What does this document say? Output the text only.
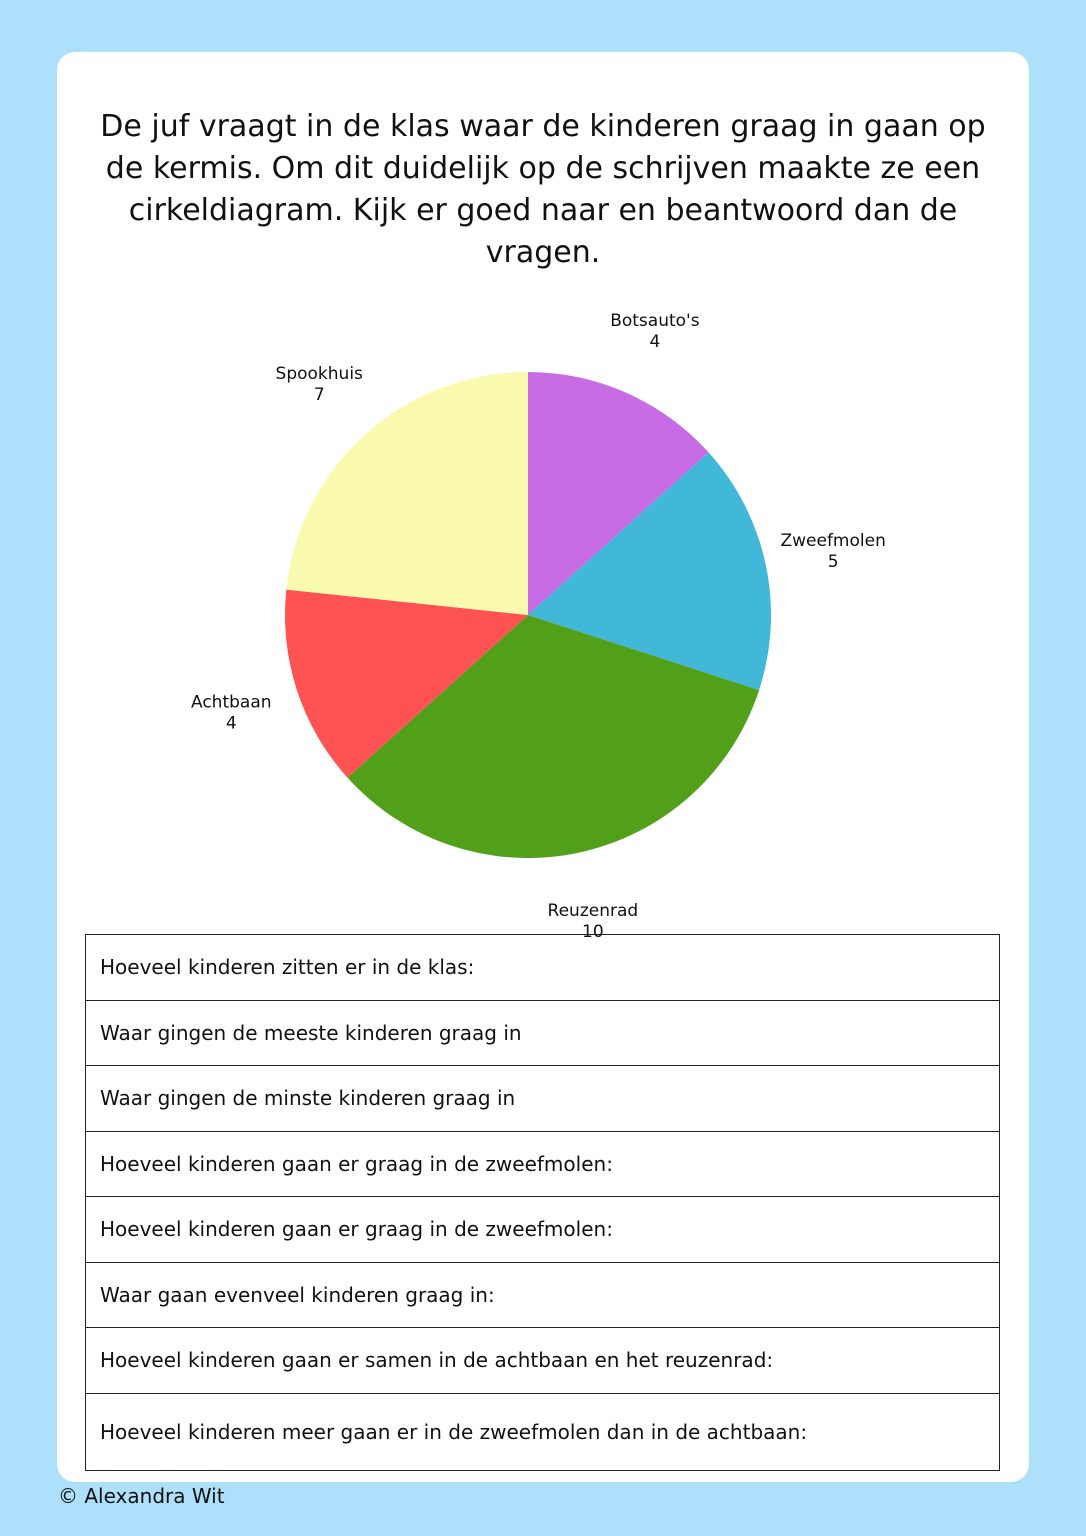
De juf vraagt in de klas waar de kinderen graag in gaan op de kermis. Om dit duidelijk op de schrijven maakte ze een cirkeldiagram. Kijk er goed naar en beantwoord dan de vragen.
Botsauto's 4
Zweefmolen 5
Reuzenrad 10
Achtbaan 4
Spookhuis 7
Hoeveel kinderen zitten er in de klas:
Waar gingen de meeste kinderen graag in
Waar gingen de minste kinderen graag in
Hoeveel kinderen gaan er graag in de zweefmolen:
Hoeveel kinderen gaan er graag in de zweefmolen:
Waar gaan evenveel kinderen graag in:
Hoeveel kinderen gaan er samen in de achtbaan en het reuzenrad:
Hoeveel kinderen meer gaan er in de zweefmolen dan in de achtbaan:
© Alexandra Wit
